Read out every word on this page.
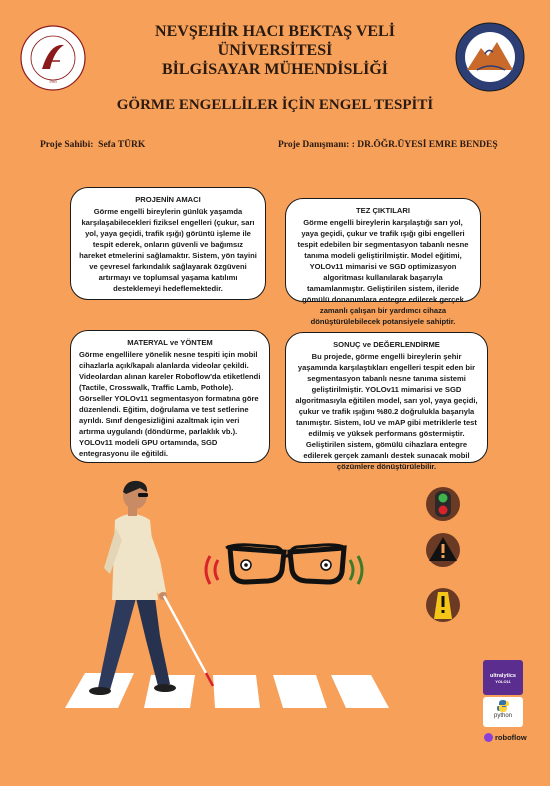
1965
NEVŞEHİR HACI BEKTAŞ VELİ
ÜNİVERSİTESİ
BİLGİSAYAR MÜHENDİSLİĞİ
GÖRME ENGELLİLER İÇİN ENGEL TESPİTİ
Proje Sahibi: Sefa TÜRK	Proje Danışmanı: : DR.ÖĞR.ÜYESİ EMRE BENDEŞ
PROJENİN AMACI
Görme engelli bireylerin günlük yaşamda karşılaşabilecekleri fiziksel engelleri (çukur, sarı yol, yaya geçidi, trafik ışığı) görüntü işleme ile tespit ederek, onların güvenli ve bağımsız hareket etmelerini sağlamaktır. Sistem, yön tayini ve çevresel farkındalık sağlayarak özgüveni artırmayı ve toplumsal yaşama katılımı desteklemeyi hedeflemektedir.
TEZ ÇIKTILARI
Görme engelli bireylerin karşılaştığı sarı yol, yaya geçidi, çukur ve trafik ışığı gibi engelleri tespit edebilen bir segmentasyon tabanlı nesne tanıma modeli geliştirilmiştir. Model eğitimi, YOLOv11 mimarisi ve SGD optimizasyon algoritması kullanılarak başarıyla tamamlanmıştır. Geliştirilen sistem, ileride gömülü donanımlara entegre edilerek gerçek zamanlı çalışan bir yardımcı cihaza dönüştürülebilecek potansiyele sahiptir.
MATERYAL ve YÖNTEM
Görme engellilere yönelik nesne tespiti için mobil cihazlarla açık/kapalı alanlarda videolar çekildi. Videolardan alınan kareler Roboflow'da etiketlendi (Tactile, Crosswalk, Traffic Lamb, Pothole). Görseller YOLOv11 segmentasyon formatına göre düzenlendi. Eğitim, doğrulama ve test setlerine ayrıldı. Sınıf dengesizliğini azaltmak için veri artırma uygulandı (döndürme, parlaklık vb.). YOLOv11 modeli GPU ortamında, SGD entegrasyonu ile eğitildi.
SONUÇ ve DEĞERLENDİRME
Bu projede, görme engelli bireylerin şehir yaşamında karşılaştıkları engelleri tespit eden bir segmentasyon tabanlı nesne tanıma sistemi geliştirilmiştir. YOLOv11 mimarisi ve SGD algoritmasıyla eğitilen model, sarı yol, yaya geçidi, çukur ve trafik ışığını %80.2 doğrulukla başarıyla tanımıştır. Sistem, IoU ve mAP gibi metriklerle test edilmiş ve yüksek performans göstermiştir. Geliştirilen sistem, gömülü cihazlara entegre edilerek gerçek zamanlı destek sunacak mobil çözümlere dönüştürülebilir.
ultralytics
YOLO11
python
roboflow
